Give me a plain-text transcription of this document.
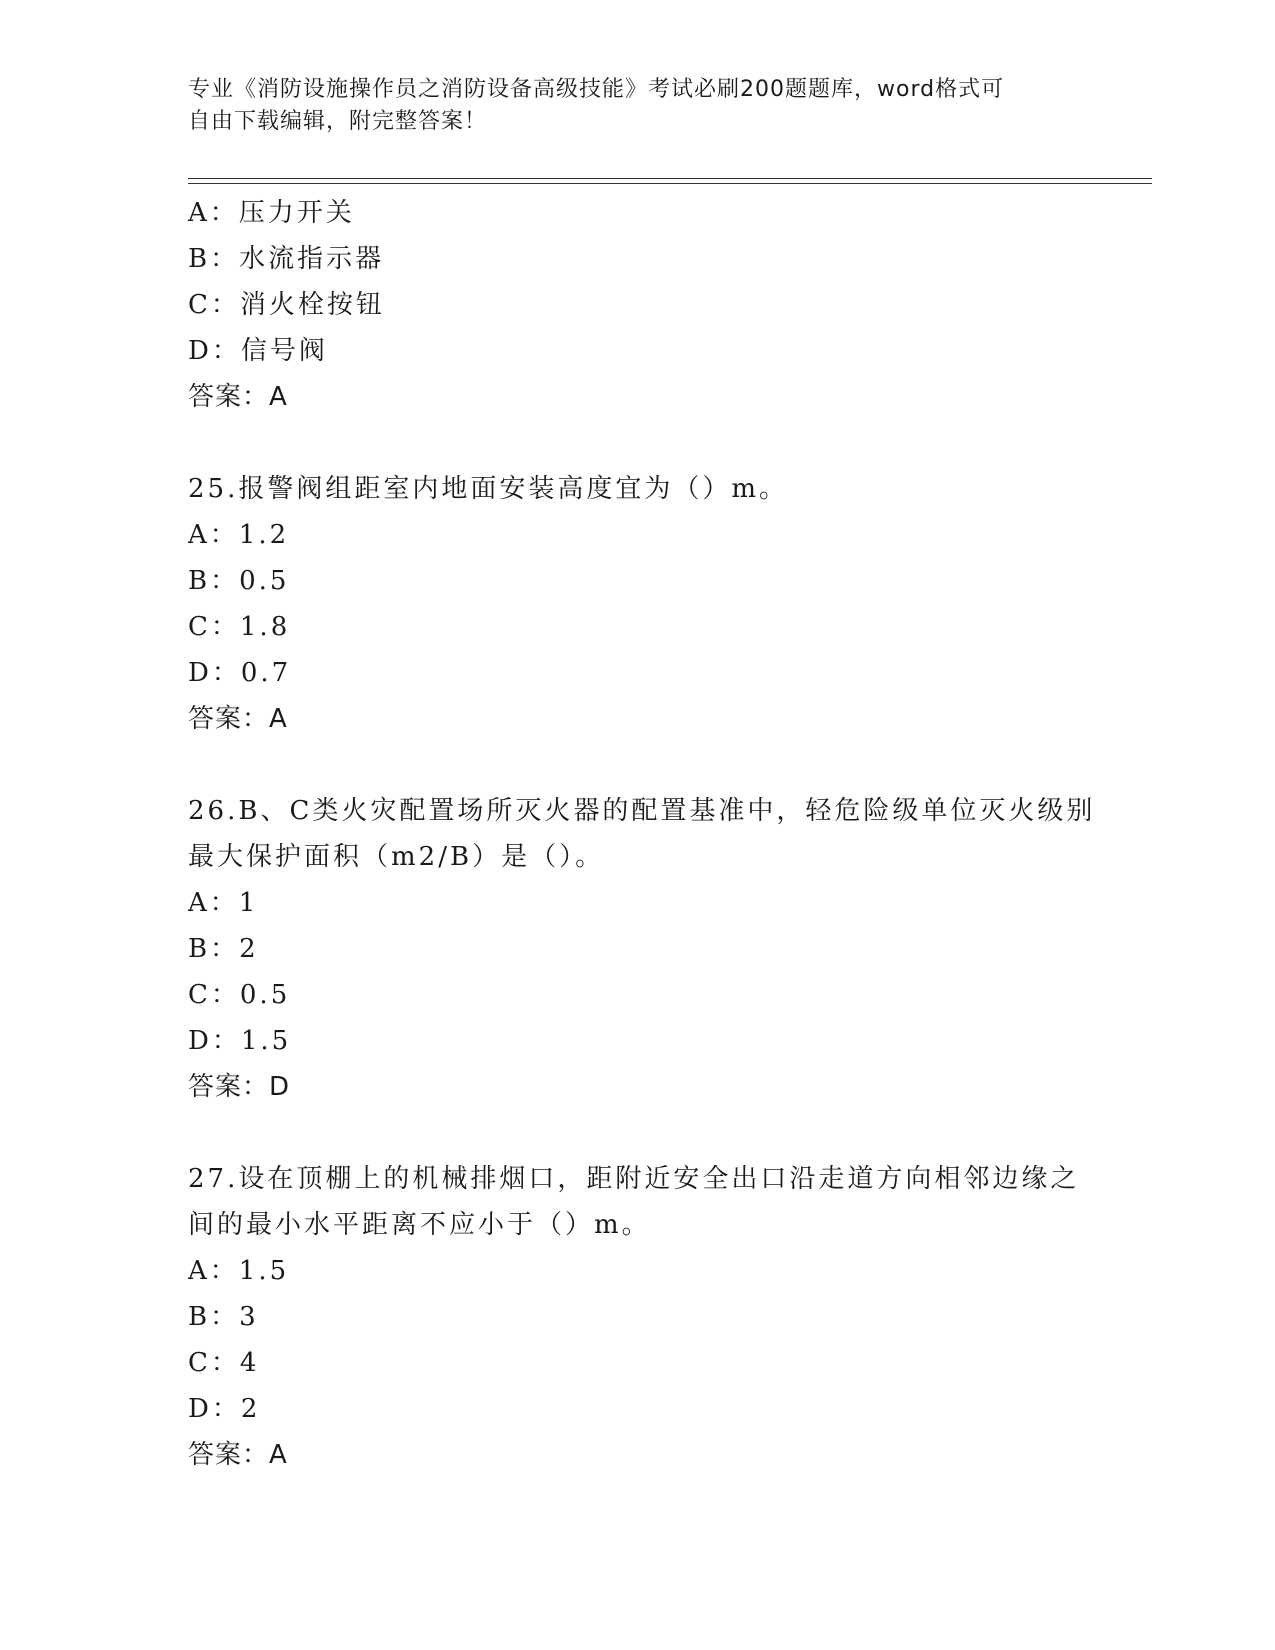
专业《消防设施操作员之消防设备高级技能》考试必刷200题题库，word格式可
自由下载编辑，附完整答案！
A：压力开关
B：水流指示器
C：消火栓按钮
D：信号阀
答案：A
25.报警阀组距室内地面安装高度宜为（）m。
A：1.2
B：0.5
C：1.8
D：0.7
答案：A
26.B、C类火灾配置场所灭火器的配置基准中，轻危险级单位灭火级别
最大保护面积（m2/B）是（）。
A：1
B：2
C：0.5
D：1.5
答案：D
27.设在顶棚上的机械排烟口，距附近安全出口沿走道方向相邻边缘之
间的最小水平距离不应小于（）m。
A：1.5
B：3
C：4
D：2
答案：A
